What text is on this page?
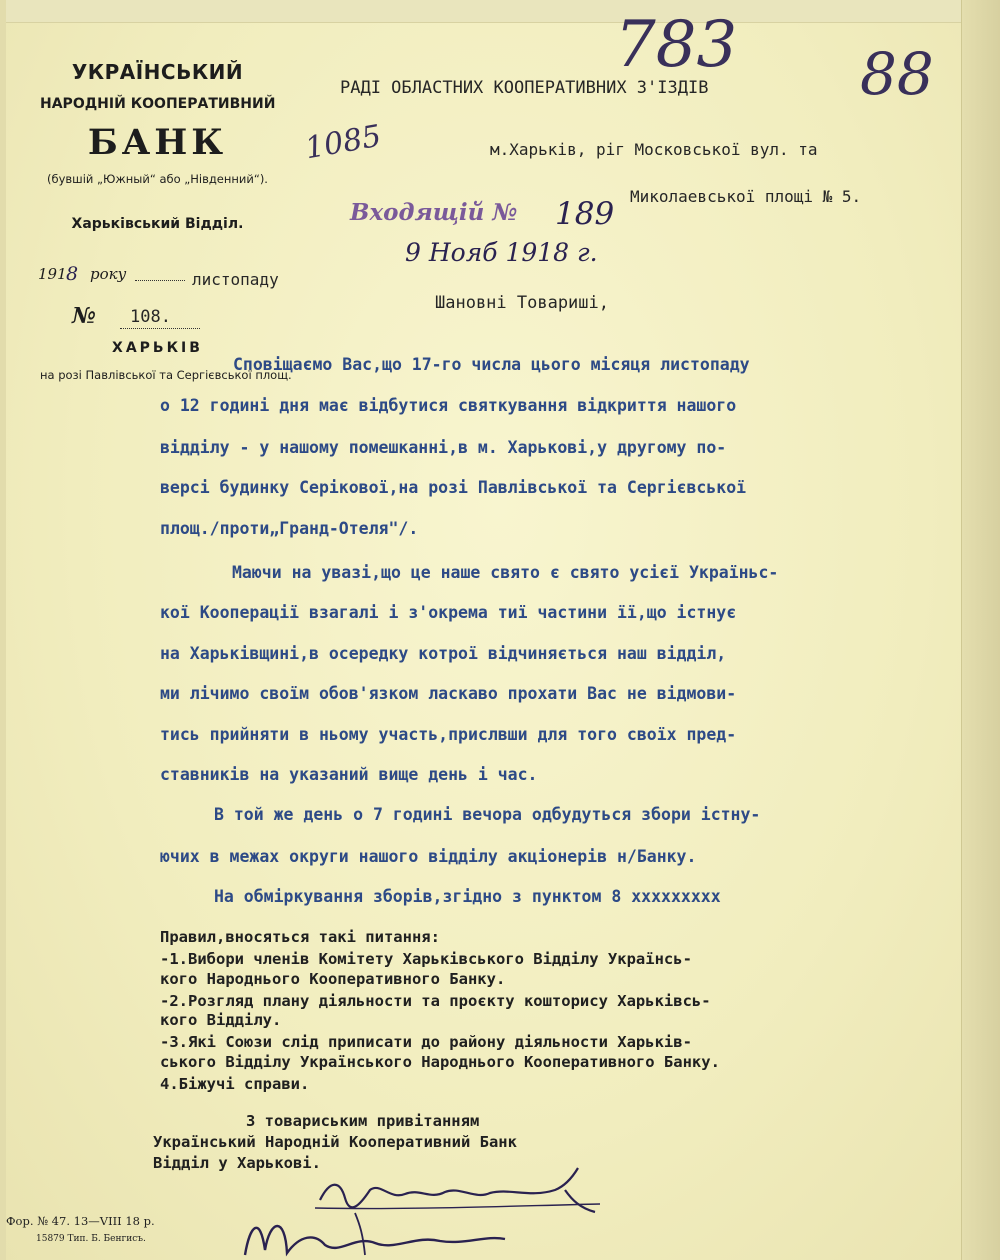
783 88
1085
УКРАЇНСЬКИЙ
НАРОДНІЙ КООПЕРАТИВНИЙ
БАНК
(бувшій „Южный“ або „Нівденний“).
Харьківський Відділ.
191 8 року	листопаду
№ 108.
ХАРЬКІВ
на розі Павлівської та Сергієвської площ.
РАДІ ОБЛАСТНИХ КООПЕРАТИВНИХ З'ІЗДІВ
м.Харьків, ріг Московської вул. та
Миколаевської площі № 5.
Входящій № 189
9 Нояб 1918 г.
Шановні Товариші,
Сповіщаємо Вас,що 17-го числа цього місяця листопаду
о 12 годині дня має відбутися святкування відкриття нашого
відділу - у нашому помешканні,в м. Харькові,у другому по-
версі будинку Серікової,на розі Павлівської та Сергієвської
площ./проти„Гранд-Отеля"/.
Маючи на увазі,що це наше свято є свято усієї Україньс-
кої Кооперації взагалі і з'окрема тиї частини її,що істнує
на Харьківщині,в осередку котрої відчиняється наш відділ,
ми лічимо своїм обов'язком ласкаво прохати Вас не відмови-
тись прийняти в ньому участь,прислвши для того своїх пред-
ставників на указаний вище день і час.
В той же день о 7 годині вечора одбудуться збори істну-
ючих в межах округи нашого відділу акціонерів н/Банку.
На обміркування зборів,згідно з пунктом 8 ххххххххх
Правил,вносяться такі питання:
-1.Вибори членів Комітету Харьківського Відділу Українсь-
кого Народнього Кооперативного Банку.
-2.Розгляд плану діяльности та проєкту кошторису Харьківсь-
кого Відділу.
-3.Які Союзи слід приписати до району діяльности Харьків-
ського Відділу Українського Народнього Кооперативного Банку.
4.Біжучі справи.
З товариським привітанням
Український Народній Кооперативний Банк
Відділ у Харькові.
Фор. № 47. 13—VIII 18 р.
15879 Тип. Б. Бенгисъ.
